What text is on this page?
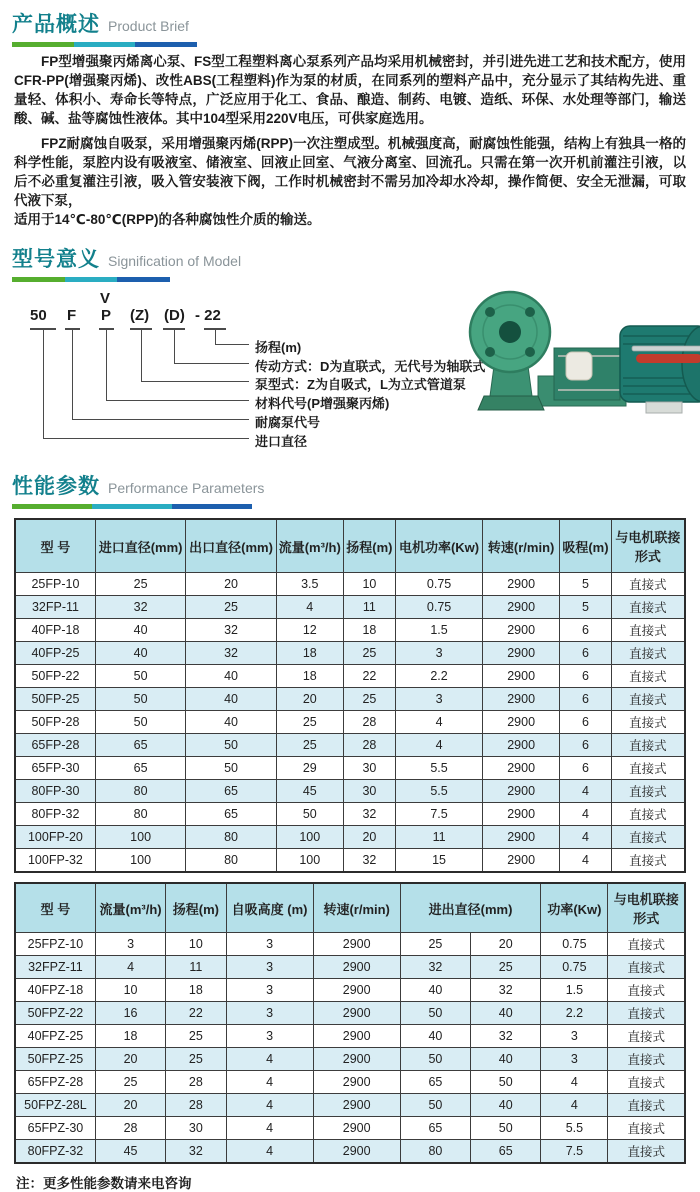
产品概述 Product Brief

FP型增强聚丙烯离心泵、FS型工程塑料离心泵系列产品均采用机械密封，并引进先进工艺和技术配方，使用CFR-PP(增强聚丙烯)、改性ABS(工程塑料)作为泵的材质，在同系列的塑料产品中，充分显示了其结构先进、重量轻、体积小、寿命长等特点，广泛应用于化工、食品、酿造、制药、电镀、造纸、环保、水处理等部门，输送酸、碱、盐等腐蚀性液体。其中104型采用220V电压，可供家庭选用。

FPZ耐腐蚀自吸泵，采用增强聚丙烯(RPP)一次注塑成型。机械强度高，耐腐蚀性能强，结构上有独具一格的科学性能，泵腔内设有吸液室、储液室、回液止回室、气液分离室、回流孔。只需在第一次开机前灌注引液，以后不必重复灌注引液，吸入管安装液下阀，工作时机械密封不需另加冷却水冷却，操作简便、安全无泄漏，可取代液下泵，

适用于14℃-80℃(RPP)的各种腐蚀性介质的输送。

型号意义 Signification of Model
V
50 F P (Z) (D) - 22
扬程(m)
传动方式：D为直联式，无代号为轴联式
泵型式：Z为自吸式，L为立式管道泵
材料代号(P增强聚丙烯)
耐腐泵代号
进口直径
性能参数 Performance Parameters
型 号	进口直径(mm)	出口直径(mm)	流量(m³/h)	扬程(m)	电机功率(Kw)	转速(r/min)	吸程(m)	与电机联接形式
25FP-10	25	20	3.5	10	0.75	2900	5	直接式
32FP-11	32	25	4	11	0.75	2900	5	直接式
40FP-18	40	32	12	18	1.5	2900	6	直接式
40FP-25	40	32	18	25	3	2900	6	直接式
50FP-22	50	40	18	22	2.2	2900	6	直接式
50FP-25	50	40	20	25	3	2900	6	直接式
50FP-28	50	40	25	28	4	2900	6	直接式
65FP-28	65	50	25	28	4	2900	6	直接式
65FP-30	65	50	29	30	5.5	2900	6	直接式
80FP-30	80	65	45	30	5.5	2900	4	直接式
80FP-32	80	65	50	32	7.5	2900	4	直接式
100FP-20	100	80	100	20	11	2900	4	直接式
100FP-32	100	80	100	32	15	2900	4	直接式
型 号	流量(m³/h)	扬程(m)	自吸高度 (m)	转速(r/min)	进出直径(mm)		功率(Kw)	与电机联接形式
25FPZ-10	3	10	3	2900	25	20	0.75	直接式
32FPZ-11	4	11	3	2900	32	25	0.75	直接式
40FPZ-18	10	18	3	2900	40	32	1.5	直接式
50FPZ-22	16	22	3	2900	50	40	2.2	直接式
40FPZ-25	18	25	3	2900	40	32	3	直接式
50FPZ-25	20	25	4	2900	50	40	3	直接式
65FPZ-28	25	28	4	2900	65	50	4	直接式
50FPZ-28L	20	28	4	2900	50	40	4	直接式
65FPZ-30	28	30	4	2900	65	50	5.5	直接式
80FPZ-32	45	32	4	2900	80	65	7.5	直接式

注：更多性能参数请来电咨询
